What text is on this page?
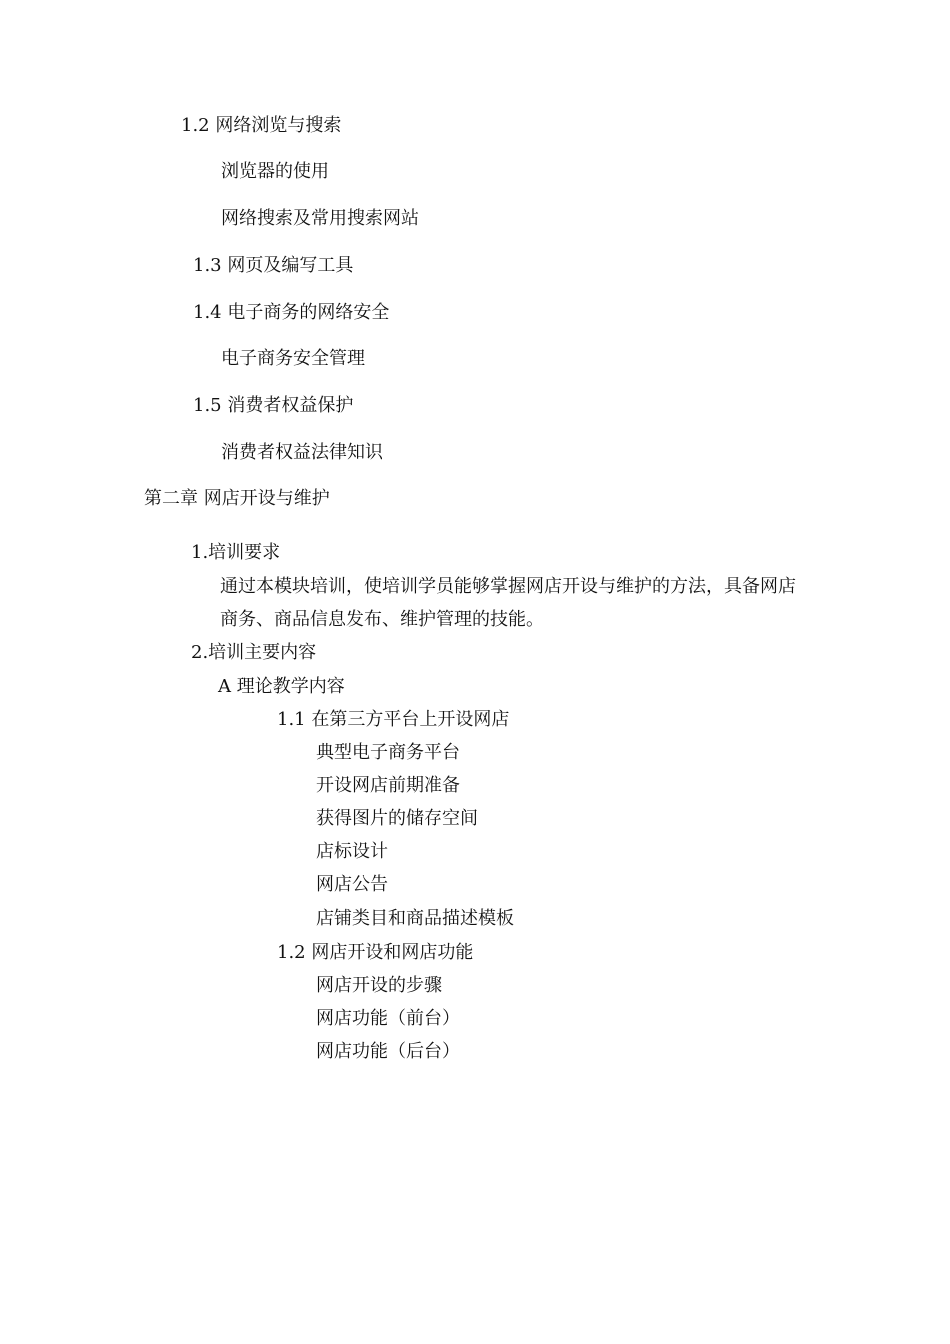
1.2 网络浏览与搜索

浏览器的使用

网络搜索及常用搜索网站

1.3 网页及编写工具

1.4 电子商务的网络安全

电子商务安全管理

1.5 消费者权益保护

消费者权益法律知识

第二章 网店开设与维护

1.培训要求

通过本模块培训，使培训学员能够掌握网店开设与维护的方法，具备网店商务、商品信息发布、维护管理的技能。

2.培训主要内容

A 理论教学内容

1.1 在第三方平台上开设网店

典型电子商务平台

开设网店前期准备

获得图片的储存空间

店标设计

网店公告

店铺类目和商品描述模板

1.2 网店开设和网店功能

网店开设的步骤

网店功能（前台）

网店功能（后台）
